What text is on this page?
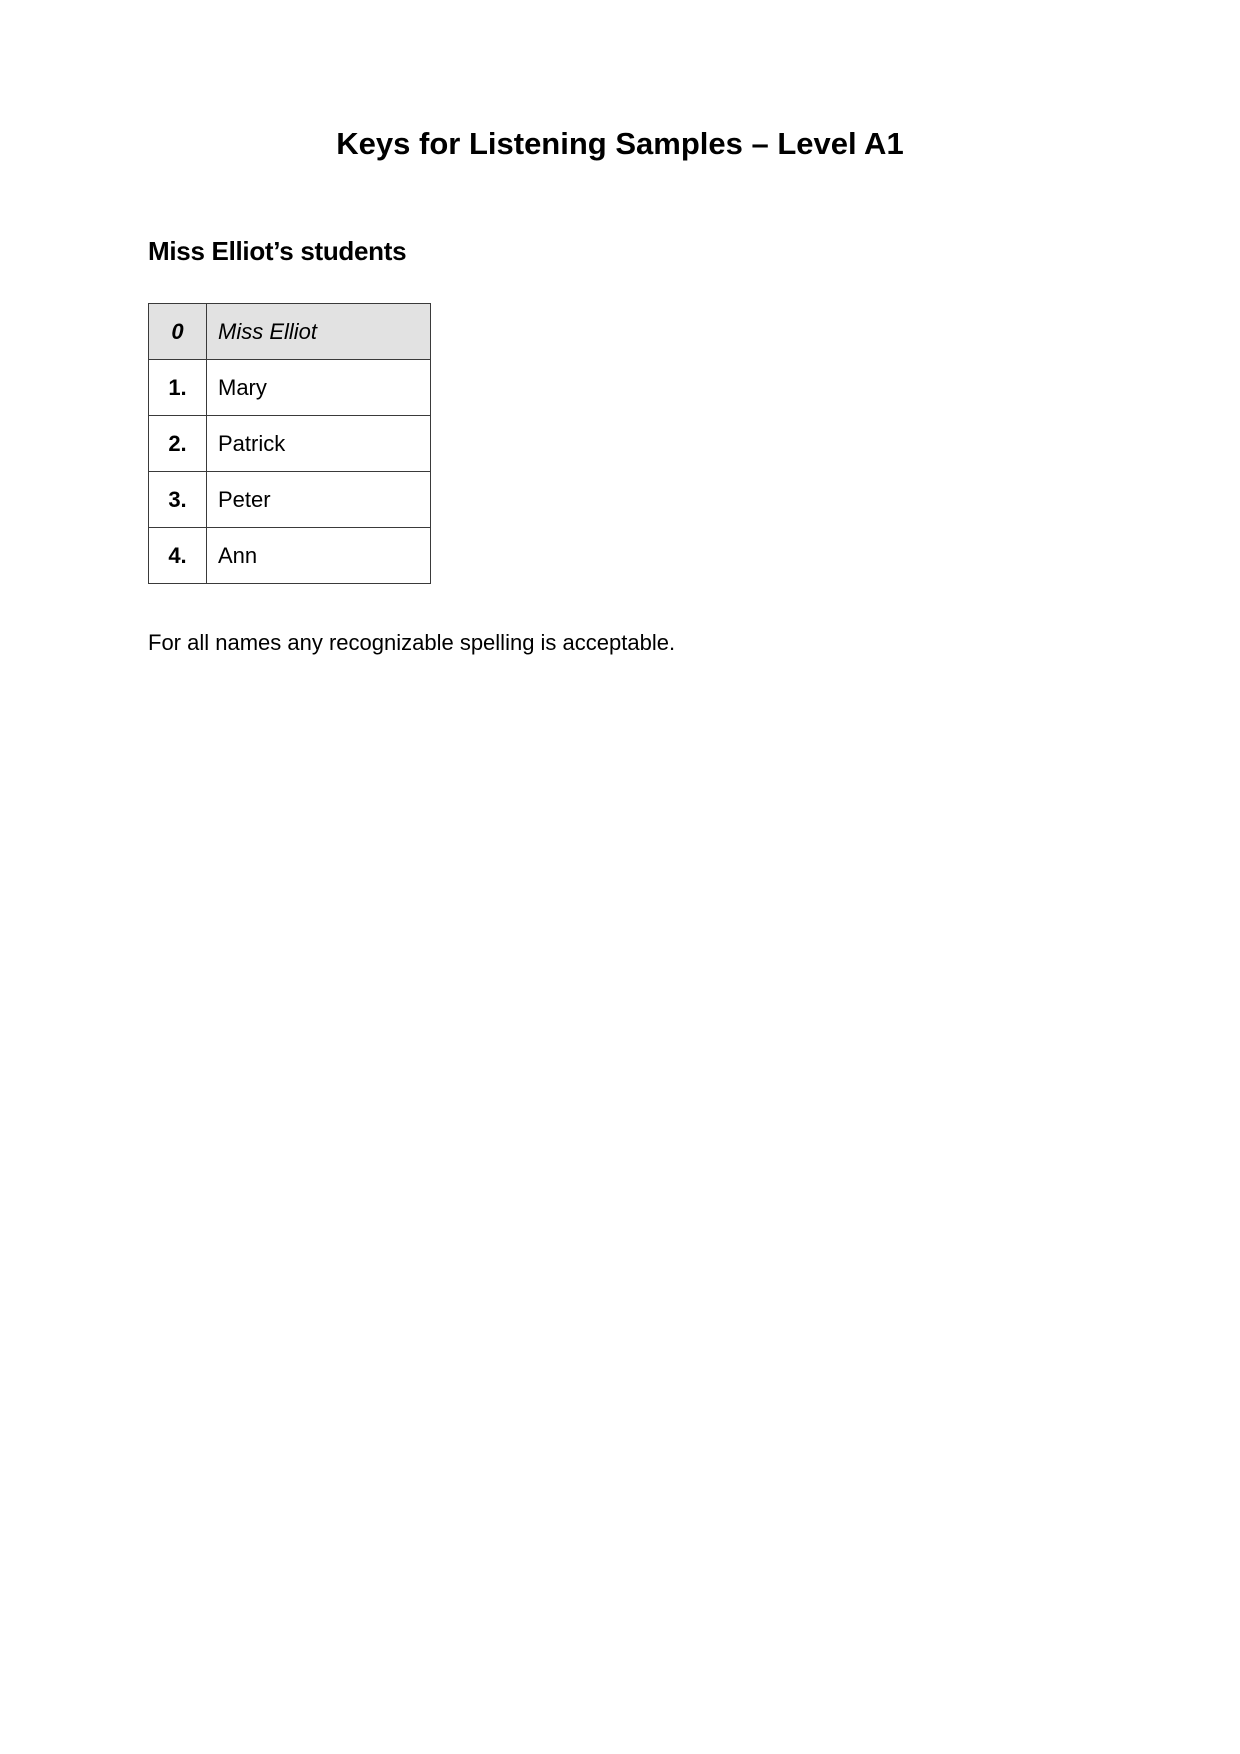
Keys for Listening Samples – Level A1
Miss Elliot’s students
0	Miss Elliot
1.	Mary
2.	Patrick
3.	Peter
4.	Ann

For all names any recognizable spelling is acceptable.
